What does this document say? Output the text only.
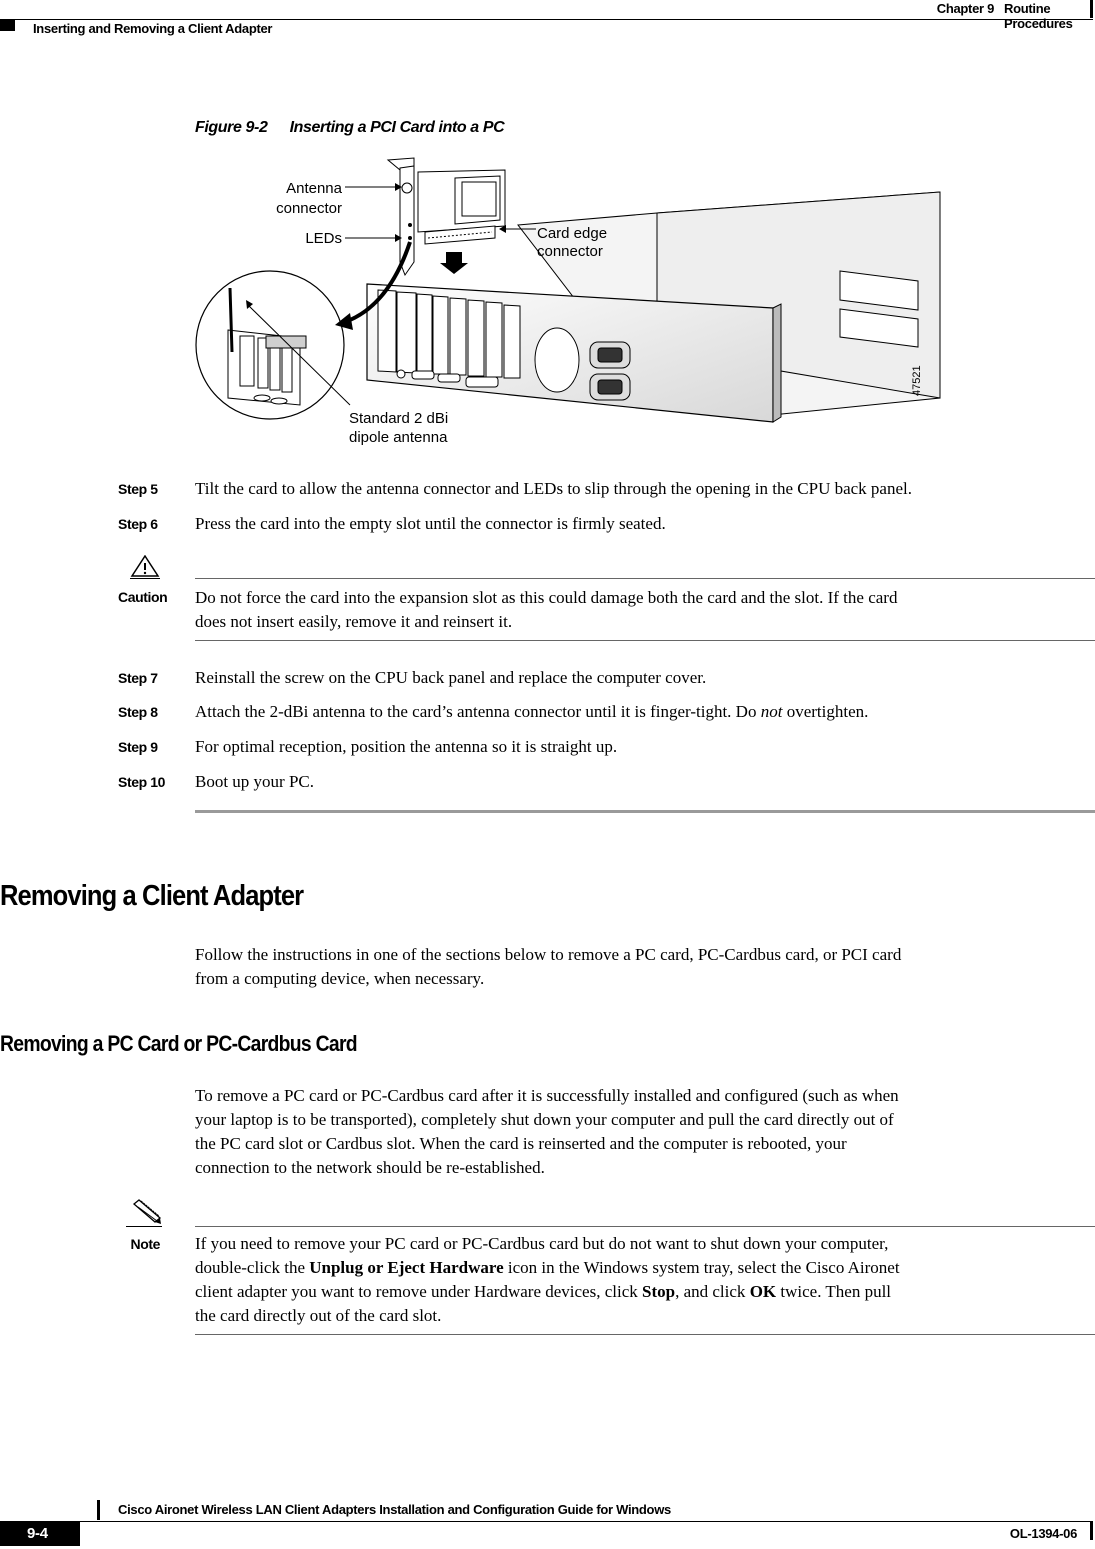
Chapter 9 Routine Procedures
Inserting and Removing a Client Adapter
Figure 9-2 Inserting a PCI Card into a PC
Antenna
connector
LEDs	Card edge
connector
Standard 2 dBi
dipole antenna
47521
Step 5	Tilt the card to allow the antenna connector and LEDs to slip through the opening in the CPU back panel.
Step 6	Press the card into the empty slot until the connector is firmly seated.
Caution Do not force the card into the expansion slot as this could damage both the card and the slot. If the card
does not insert easily, remove it and reinsert it.
Step 7	Reinstall the screw on the CPU back panel and replace the computer cover.
Step 8	Attach the 2-dBi antenna to the card’s antenna connector until it is finger-tight. Do not overtighten.
Step 9	For optimal reception, position the antenna so it is straight up.
Step 10 Boot up your PC.
Removing a Client Adapter
Follow the instructions in one of the sections below to remove a PC card, PC-Cardbus card, or PCI card
from a computing device, when necessary.
Removing a PC Card or PC-Cardbus Card
To remove a PC card or PC-Cardbus card after it is successfully installed and configured (such as when
your laptop is to be transported), completely shut down your computer and pull the card directly out of
the PC card slot or Cardbus slot. When the card is reinserted and the computer is rebooted, your
connection to the network should be re-established.
Note If you need to remove your PC card or PC-Cardbus card but do not want to shut down your computer,
double-click the Unplug or Eject Hardware icon in the Windows system tray, select the Cisco Aironet
client adapter you want to remove under Hardware devices, click Stop, and click OK twice. Then pull
the card directly out of the card slot.
Cisco Aironet Wireless LAN Client Adapters Installation and Configuration Guide for Windows
9-4	OL-1394-06
